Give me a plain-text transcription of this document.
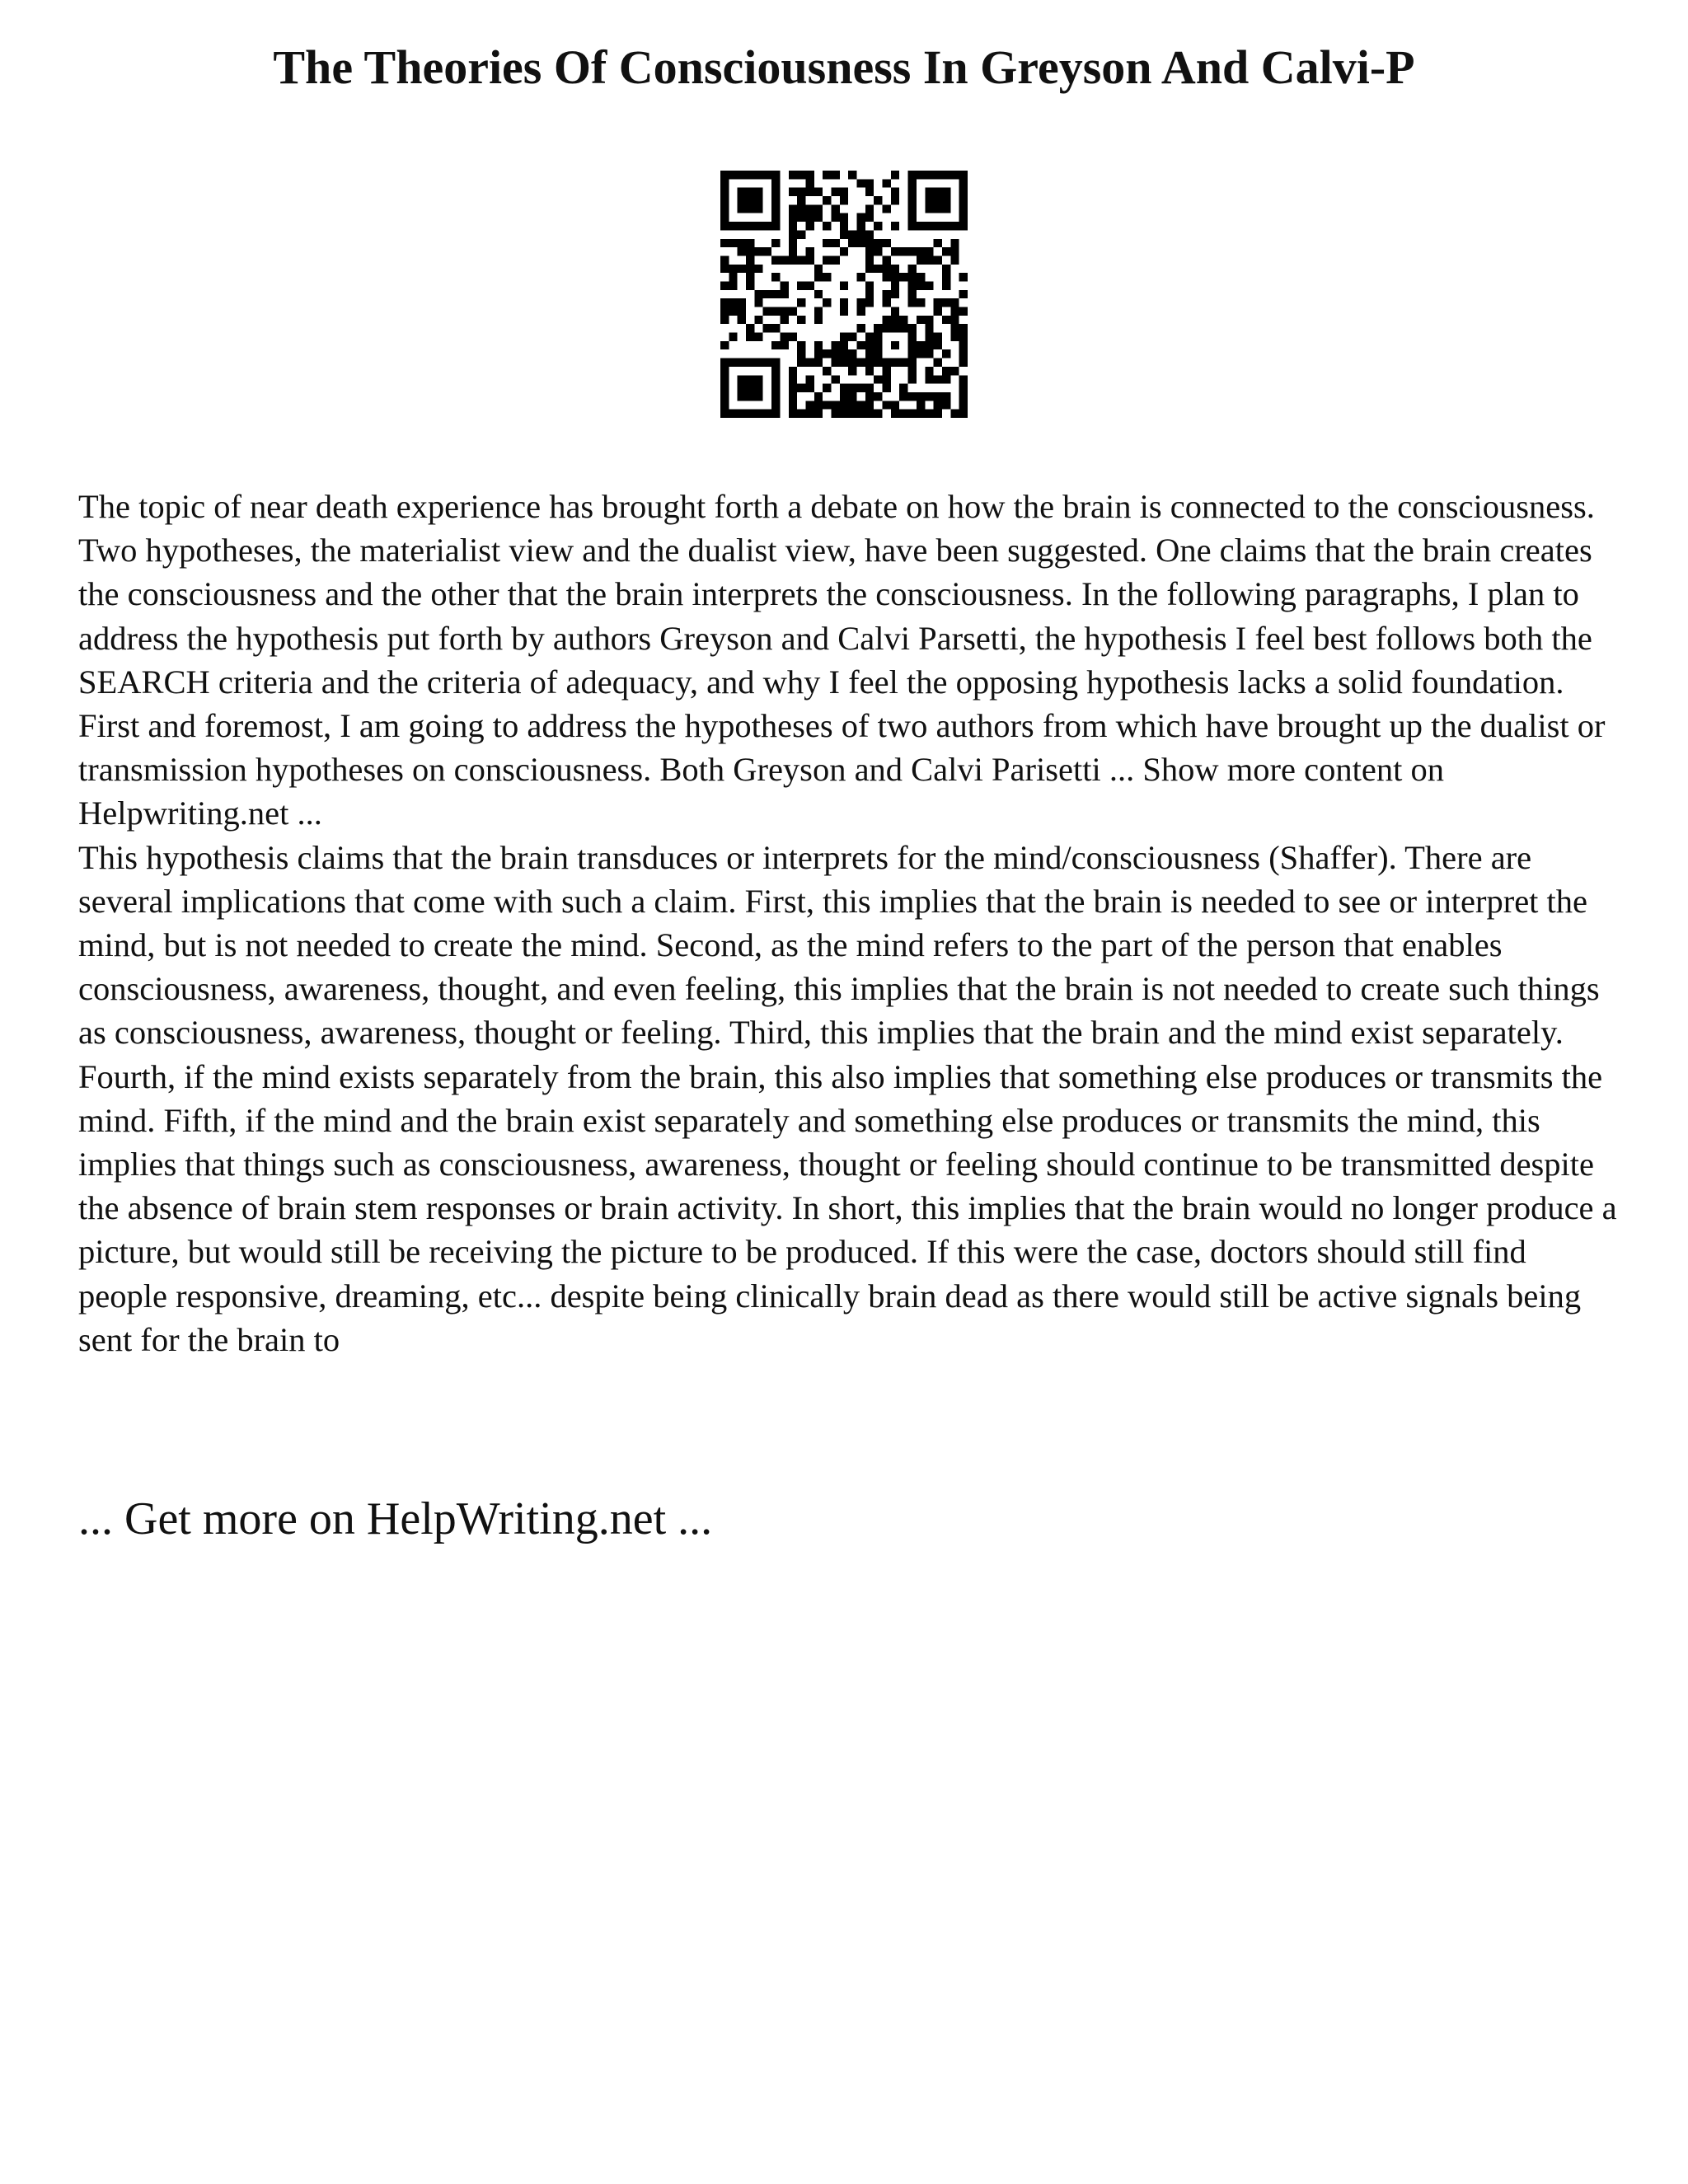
The Theories Of Consciousness In Greyson And Calvi-P

The topic of near death experience has brought forth a debate on how the brain is connected to the consciousness. Two hypotheses, the materialist view and the dualist view, have been suggested. One claims that the brain creates the consciousness and the other that the brain interprets the consciousness. In the following paragraphs, I plan to address the hypothesis put forth by authors Greyson and Calvi Parsetti, the hypothesis I feel best follows both the SEARCH criteria and the criteria of adequacy, and why I feel the opposing hypothesis lacks a solid foundation.

First and foremost, I am going to address the hypotheses of two authors from which have brought up the dualist or transmission hypotheses on consciousness. Both Greyson and Calvi Parisetti ... Show more content on Helpwriting.net ...

This hypothesis claims that the brain transduces or interprets for the mind/consciousness (Shaffer). There are several implications that come with such a claim. First, this implies that the brain is needed to see or interpret the mind, but is not needed to create the mind. Second, as the mind refers to the part of the person that enables consciousness, awareness, thought, and even feeling, this implies that the brain is not needed to create such things as consciousness, awareness, thought or feeling. Third, this implies that the brain and the mind exist separately. Fourth, if the mind exists separately from the brain, this also implies that something else produces or transmits the mind. Fifth, if the mind and the brain exist separately and something else produces or transmits the mind, this implies that things such as consciousness, awareness, thought or feeling should continue to be transmitted despite the absence of brain stem responses or brain activity. In short, this implies that the brain would no longer produce a picture, but would still be receiving the picture to be produced. If this were the case, doctors should still find people responsive, dreaming, etc... despite being clinically brain dead as there would still be active signals being sent for the brain to

... Get more on HelpWriting.net ...
